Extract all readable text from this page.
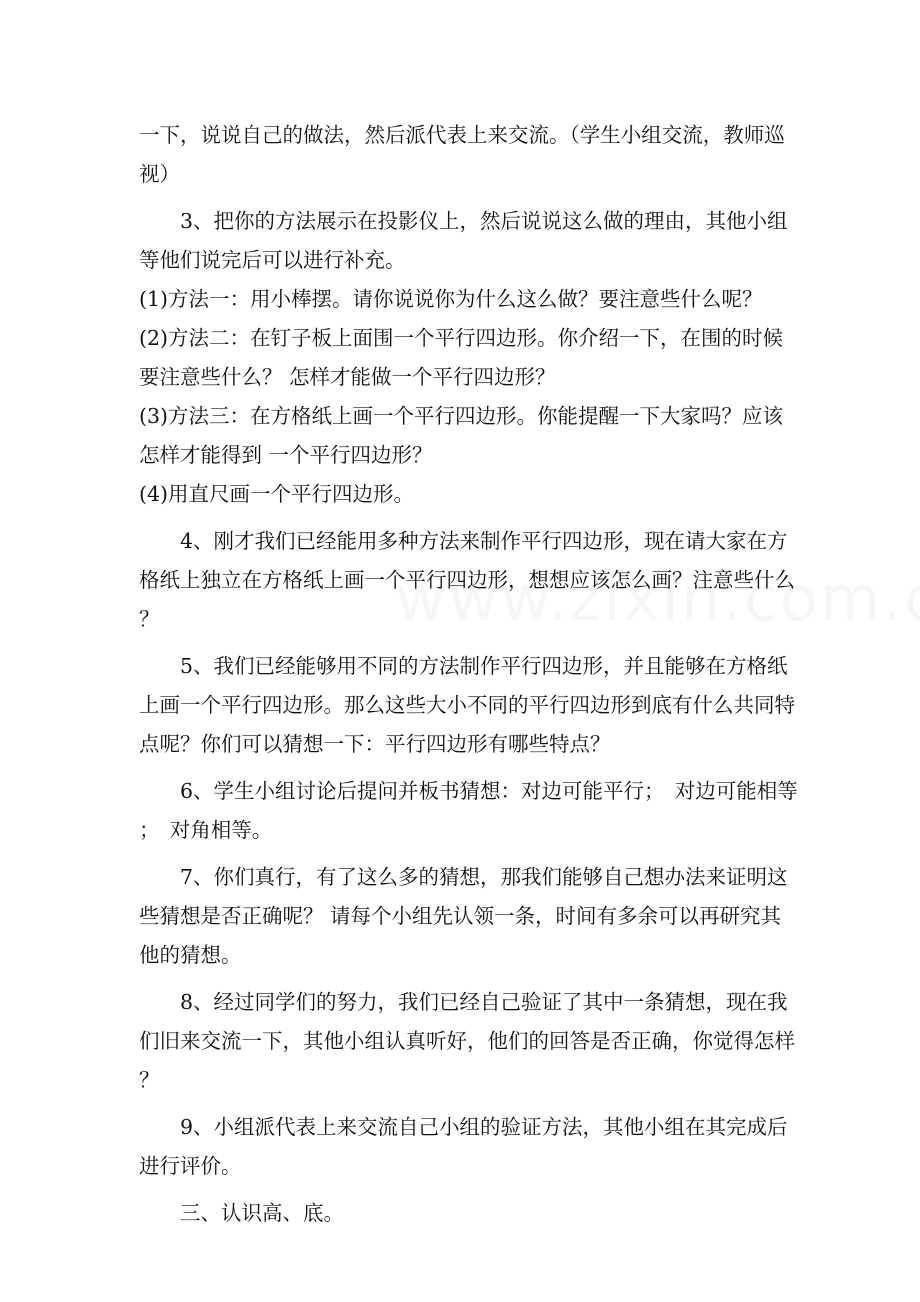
一下，说说自己的做法，然后派代表上来交流。（学生小组交流，教师巡视）

3、把你的方法展示在投影仪上，然后说说这么做的理由，其他小组等他们说完后可以进行补充。

(1)方法一：用小棒摆。请你说说你为什么这么做？要注意些什么呢？

(2)方法二：在钉子板上面围一个平行四边形。你介绍一下，在围的时候要注意些什么？ 怎样才能做一个平行四边形？

(3)方法三：在方格纸上画一个平行四边形。你能提醒一下大家吗？应该怎样才能得到 一个平行四边形？

(4)用直尺画一个平行四边形。

4、刚才我们已经能用多种方法来制作平行四边形，现在请大家在方格纸上独立在方格纸上画一个平行四边形，想想应该怎么画？注意些什么？

5、我们已经能够用不同的方法制作平行四边形，并且能够在方格纸上画一个平行四边形。那么这些大小不同的平行四边形到底有什么共同特点呢？你们可以猜想一下：平行四边形有哪些特点？

6、学生小组讨论后提问并板书猜想：对边可能平行；　对边可能相等；　对角相等。

7、你们真行，有了这么多的猜想，那我们能够自己想办法来证明这些猜想是否正确呢？ 请每个小组先认领一条，时间有多余可以再研究其他的猜想。

8、经过同学们的努力，我们已经自己验证了其中一条猜想，现在我们旧来交流一下，其他小组认真听好，他们的回答是否正确，你觉得怎样？

9、小组派代表上来交流自己小组的验证方法，其他小组在其完成后进行评价。

三、认识高、底。
